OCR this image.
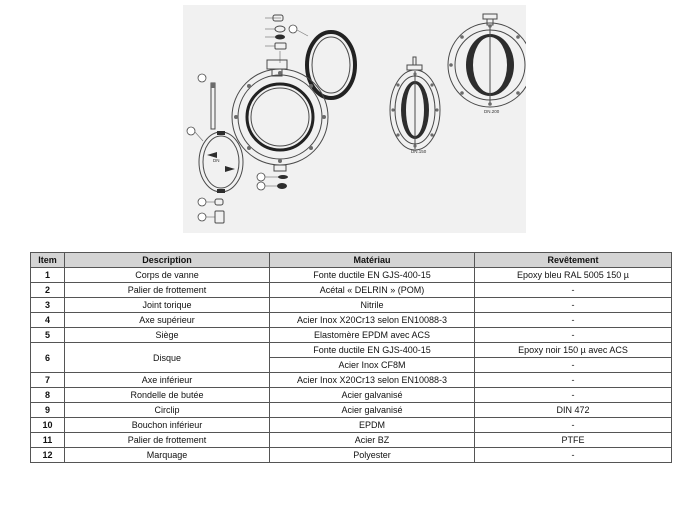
DN
DN.150
DN.200
Item	Description	Matériau	Revêtement
1	Corps de vanne	Fonte ductile EN GJS-400-15	Epoxy bleu RAL 5005 150 µ
2	Palier de frottement	Acétal « DELRIN » (POM)	-
3	Joint torique	Nitrile	-
4	Axe supérieur	Acier Inox X20Cr13 selon EN10088-3	-
5	Siège	Elastomère EPDM avec ACS	-
6	Disque	Fonte ductile EN GJS-400-15	Epoxy noir 150 µ avec ACS
		Acier Inox CF8M	-
7	Axe inférieur	Acier Inox X20Cr13 selon EN10088-3	-
8	Rondelle de butée	Acier galvanisé	-
9	Circlip	Acier galvanisé	DIN 472
10	Bouchon inférieur	EPDM	-
11	Palier de frottement	Acier BZ	PTFE
12	Marquage	Polyester	-
